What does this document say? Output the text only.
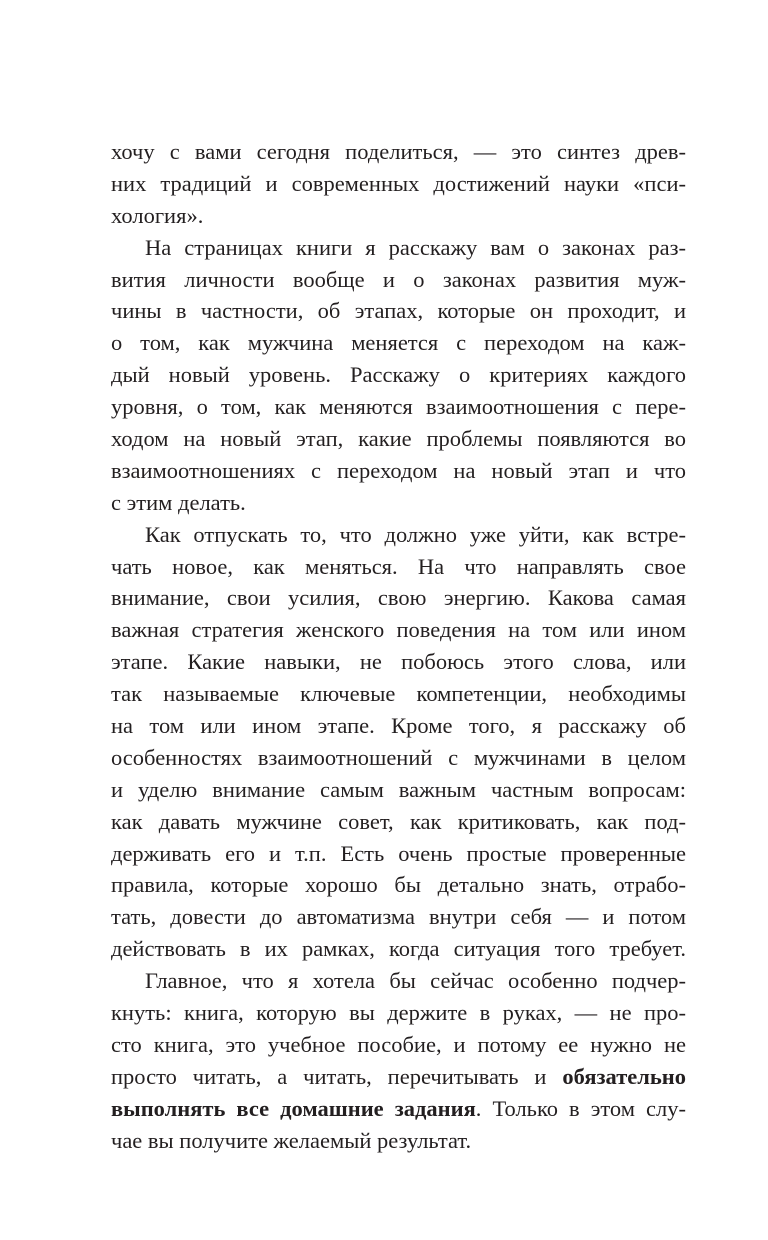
хочу с вами сегодня поделиться, — это синтез древ-
них традиций и современных достижений науки «пси-
хология».
На страницах книги я расскажу вам о законах раз-
вития личности вообще и о законах развития муж-
чины в частности, об этапах, которые он проходит, и
о том, как мужчина меняется с переходом на каж-
дый новый уровень. Расскажу о критериях каждого
уровня, о том, как меняются взаимоотношения с пере-
ходом на новый этап, какие проблемы появляются во
взаимоотношениях с переходом на новый этап и что
с этим делать.
Как отпускать то, что должно уже уйти, как встре-
чать новое, как меняться. На что направлять свое
внимание, свои усилия, свою энергию. Какова самая
важная стратегия женского поведения на том или ином
этапе. Какие навыки, не побоюсь этого слова, или
так называемые ключевые компетенции, необходимы
на том или ином этапе. Кроме того, я расскажу об
особенностях взаимоотношений с мужчинами в целом
и уделю внимание самым важным частным вопросам:
как давать мужчине совет, как критиковать, как под-
держивать его и т.п. Есть очень простые проверенные
правила, которые хорошо бы детально знать, отрабо-
тать, довести до автоматизма внутри себя — и потом
действовать в их рамках, когда ситуация того требует.
Главное, что я хотела бы сейчас особенно подчер-
кнуть: книга, которую вы держите в руках, — не про-
сто книга, это учебное пособие, и потому ее нужно не
просто читать, а читать, перечитывать и обязательно
выполнять все домашние задания. Только в этом слу-
чае вы получите желаемый результат.
